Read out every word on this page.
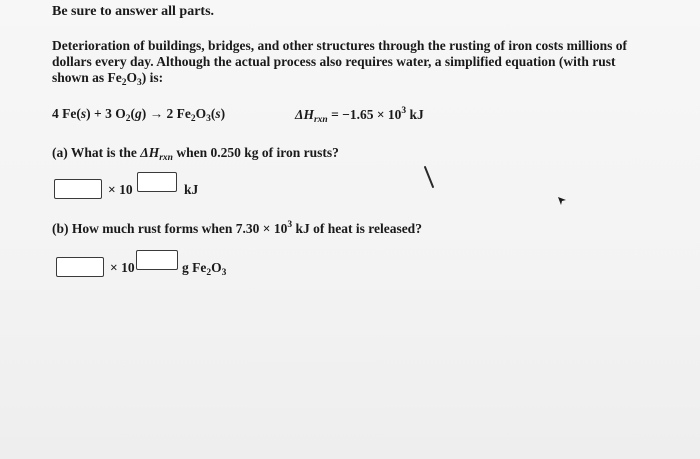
Be sure to answer all parts.
Deterioration of buildings, bridges, and other structures through the rusting of iron costs millions of
dollars every day. Although the actual process also requires water, a simplified equation (with rust
shown as $Fe_2O_3$) is:
4 Fe(s) + 3 $O_2(g) \to 2$ $Fe_2O_3(s)$	$\Delta H_{rxn} = -1.65 \times 10^3$ kJ
(a) What is the $\Delta H_{rxn}$ when 0.250 kg of iron rusts?
× 10	kJ
(b) How much rust forms when $7.30 \times 10^3$ kJ of heat is released?
× 10	g $Fe_2O_3$
